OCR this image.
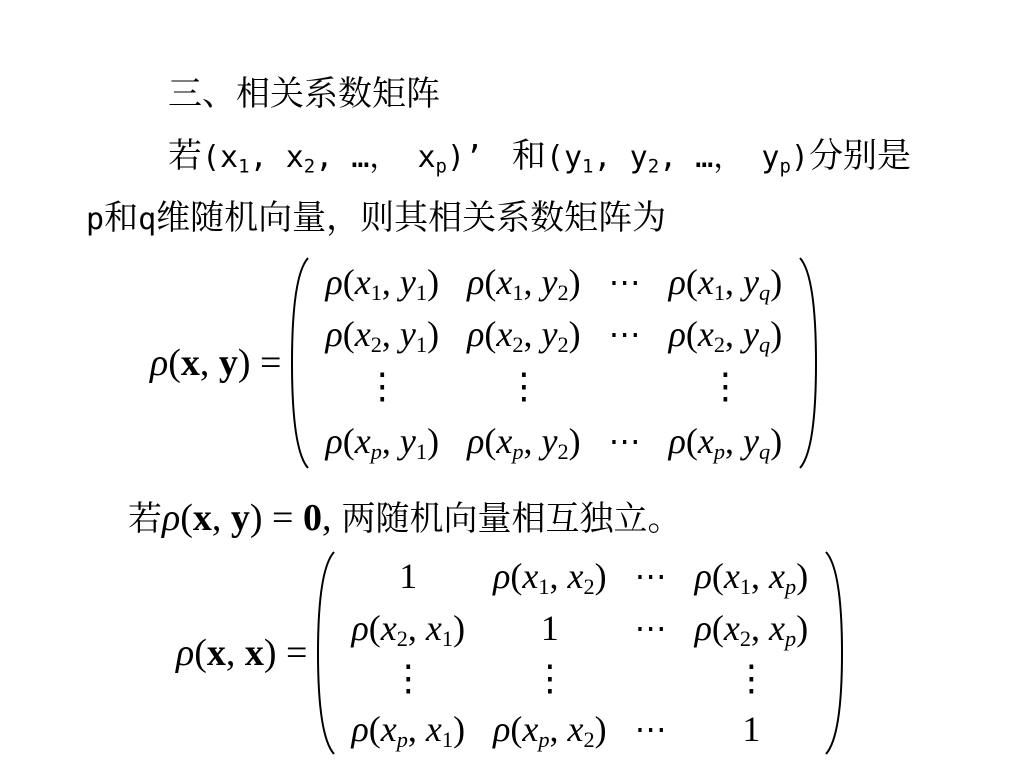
三、相关系数矩阵
若($x_1$, $x_2$, …， $x_p$)’ 和($y_1$, $y_2$, …， $y_p$)分别是
p和q维随机向量，则其相关系数矩阵为
ρ(x, y) =
$\rho(x_1$, $y_1$)	$\rho(x_1$, $y_2$)	⋯	$\rho(x_1$, $y_q$)
$\rho(x_2$, $y_1$)	$\rho(x_2$, $y_2$)	⋯	$\rho(x_2$, $y_q$)
⋮	⋮		⋮
$\rho(x_p$, $y_1$)	$\rho(x_p$, $y_2$)	⋯	$\rho(x_p$, $y_q$)
若ρ(x, y) = 0, 两随机向量相互独立。
ρ(x, x) =
1	$\rho(x_1$, $x_2$)	⋯	$\rho(x_1$, $x_p$)
$\rho(x_2$, $x_1$)	1	⋯	$\rho(x_2$, $x_p$)
⋮	⋮		⋮
$\rho(x_p$, $x_1$)	$\rho(x_p$, $x_2$)	⋯	1
